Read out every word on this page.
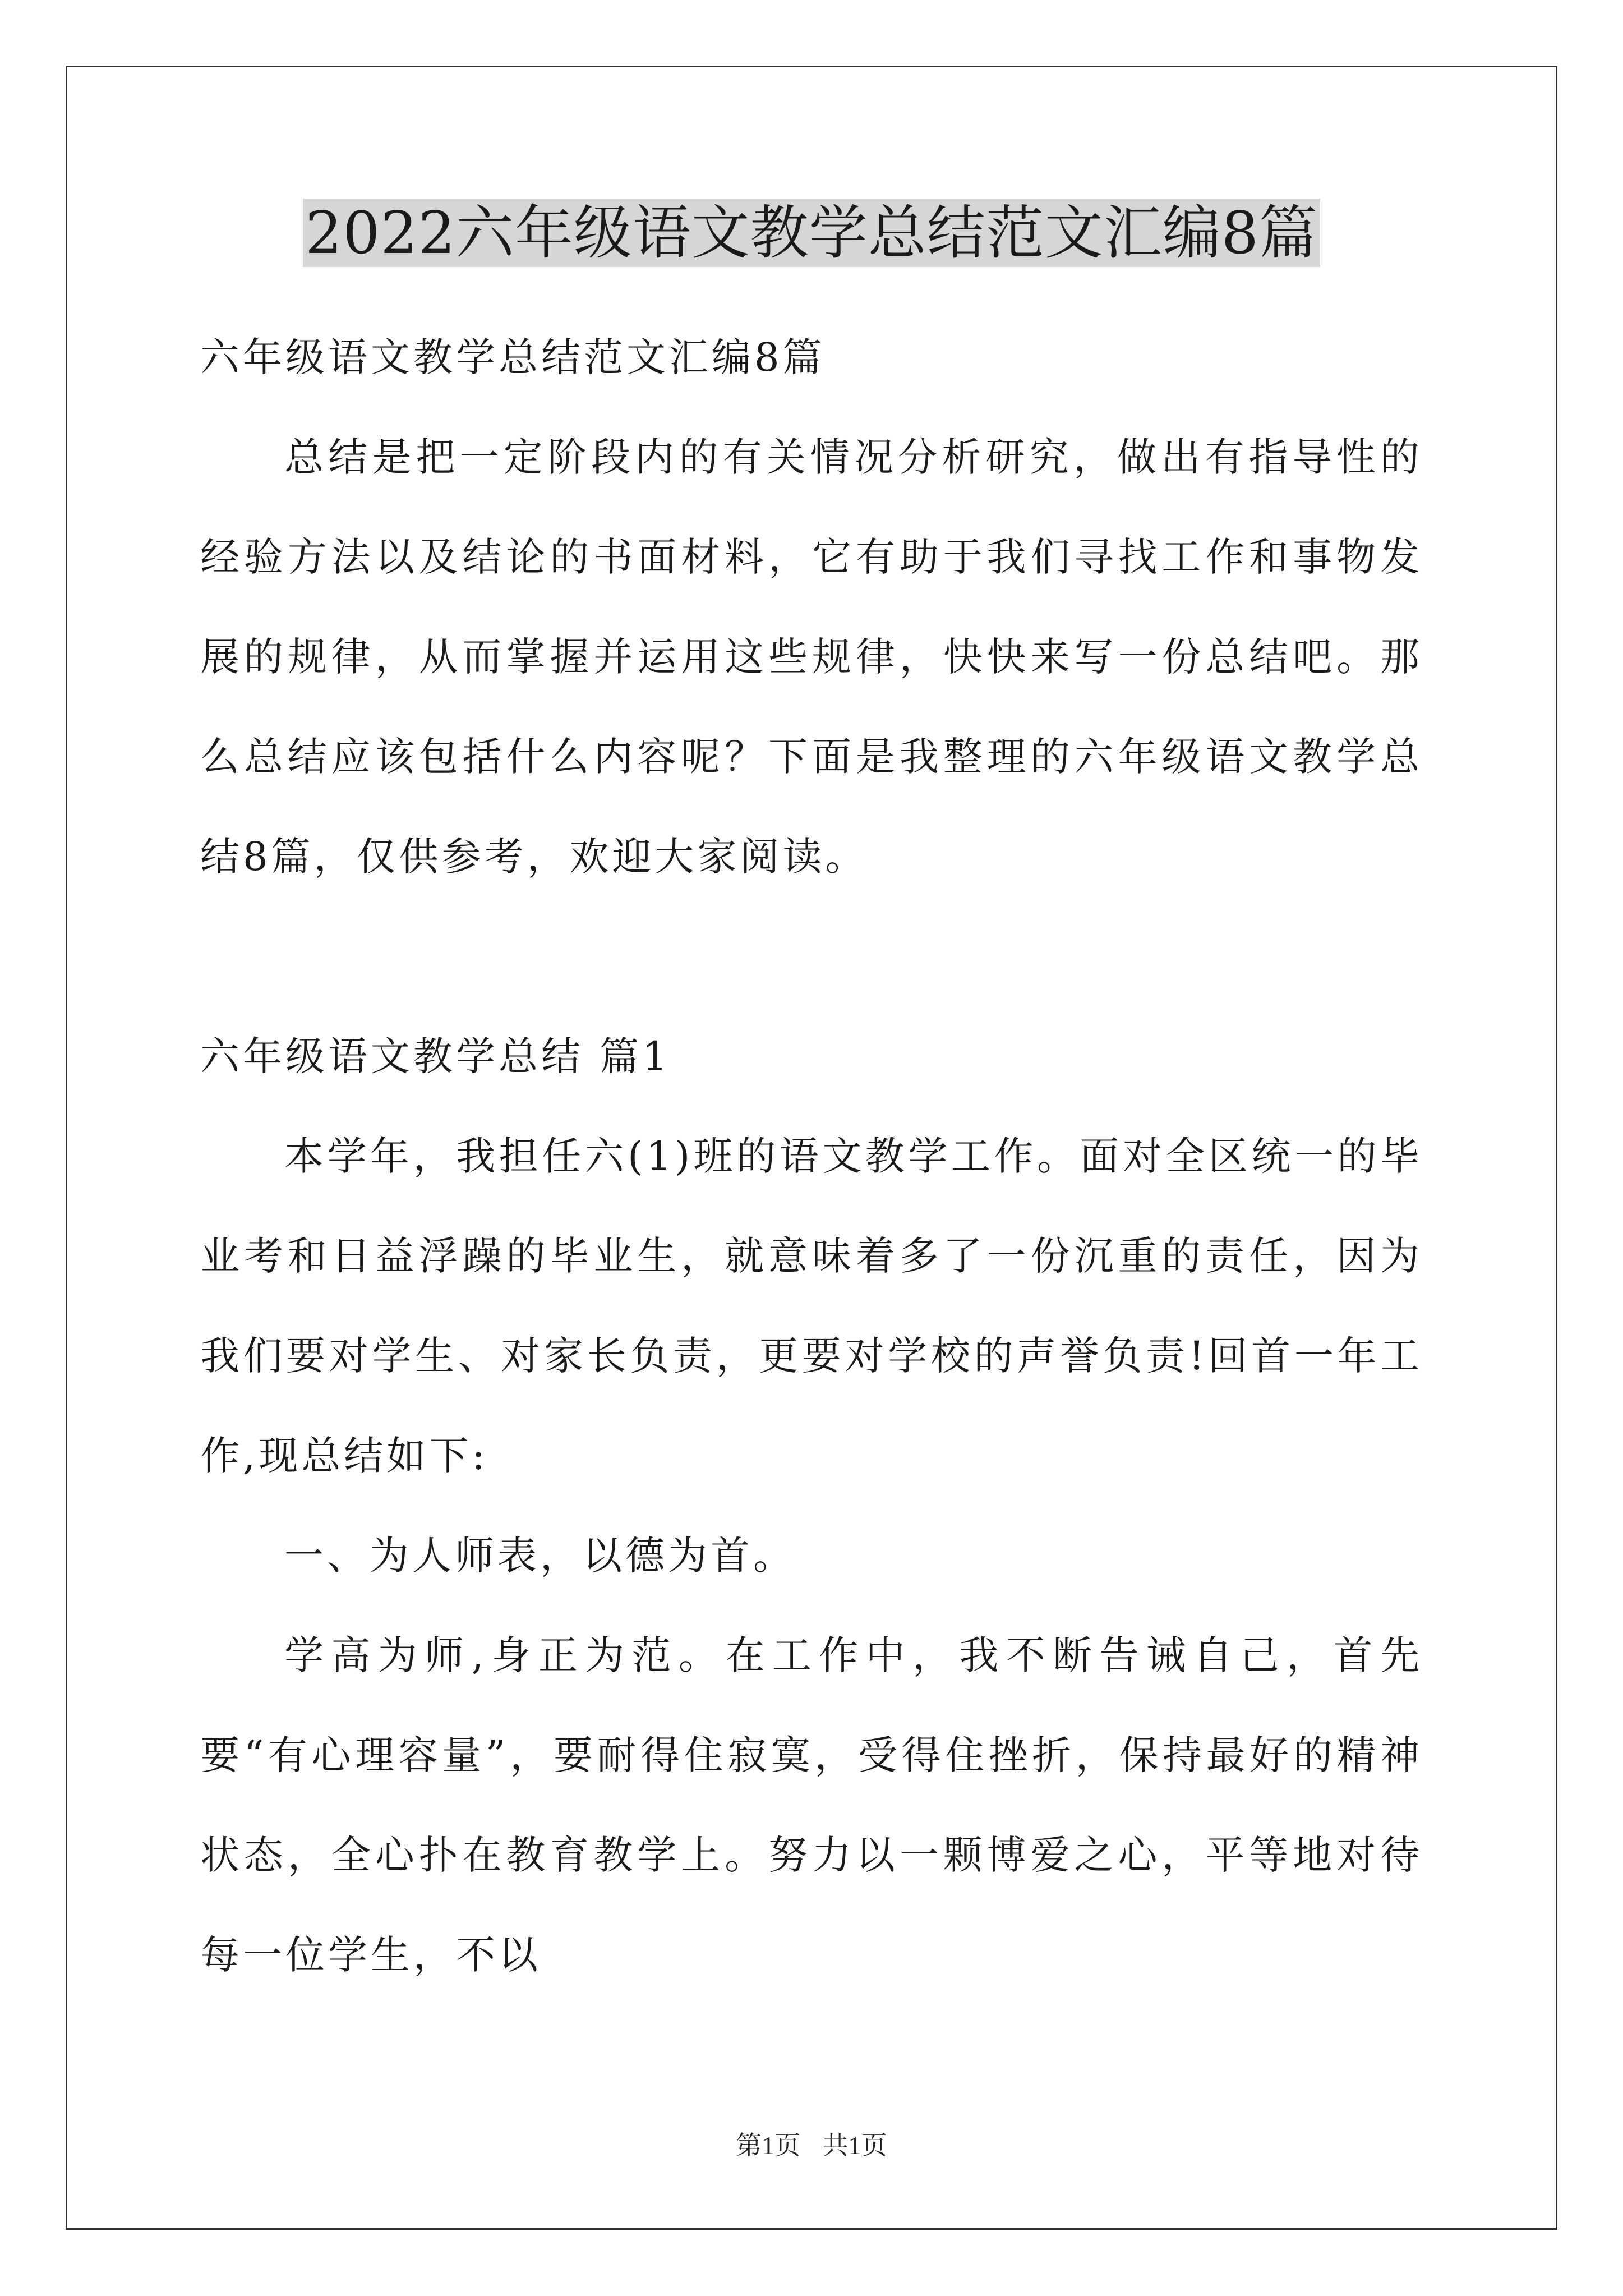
2022六年级语文教学总结范文汇编8篇

六年级语文教学总结范文汇编8篇

总结是把一定阶段内的有关情况分析研究，做出有指导性的经验方法以及结论的书面材料，它有助于我们寻找工作和事物发展的规律，从而掌握并运用这些规律，快快来写一份总结吧。那么总结应该包括什么内容呢？下面是我整理的六年级语文教学总结8篇，仅供参考，欢迎大家阅读。

六年级语文教学总结 篇1

本学年，我担任六(1)班的语文教学工作。面对全区统一的毕业考和日益浮躁的毕业生，就意味着多了一份沉重的责任，因为我们要对学生、对家长负责，更要对学校的声誉负责!回首一年工作,现总结如下:

一、为人师表，以德为首。

学高为师,身正为范。在工作中，我不断告诫自己，首先要“有心理容量”，要耐得住寂寞，受得住挫折，保持最好的精神状态，全心扑在教育教学上。努力以一颗博爱之心，平等地对待每一位学生，不以

第1页 共1页
